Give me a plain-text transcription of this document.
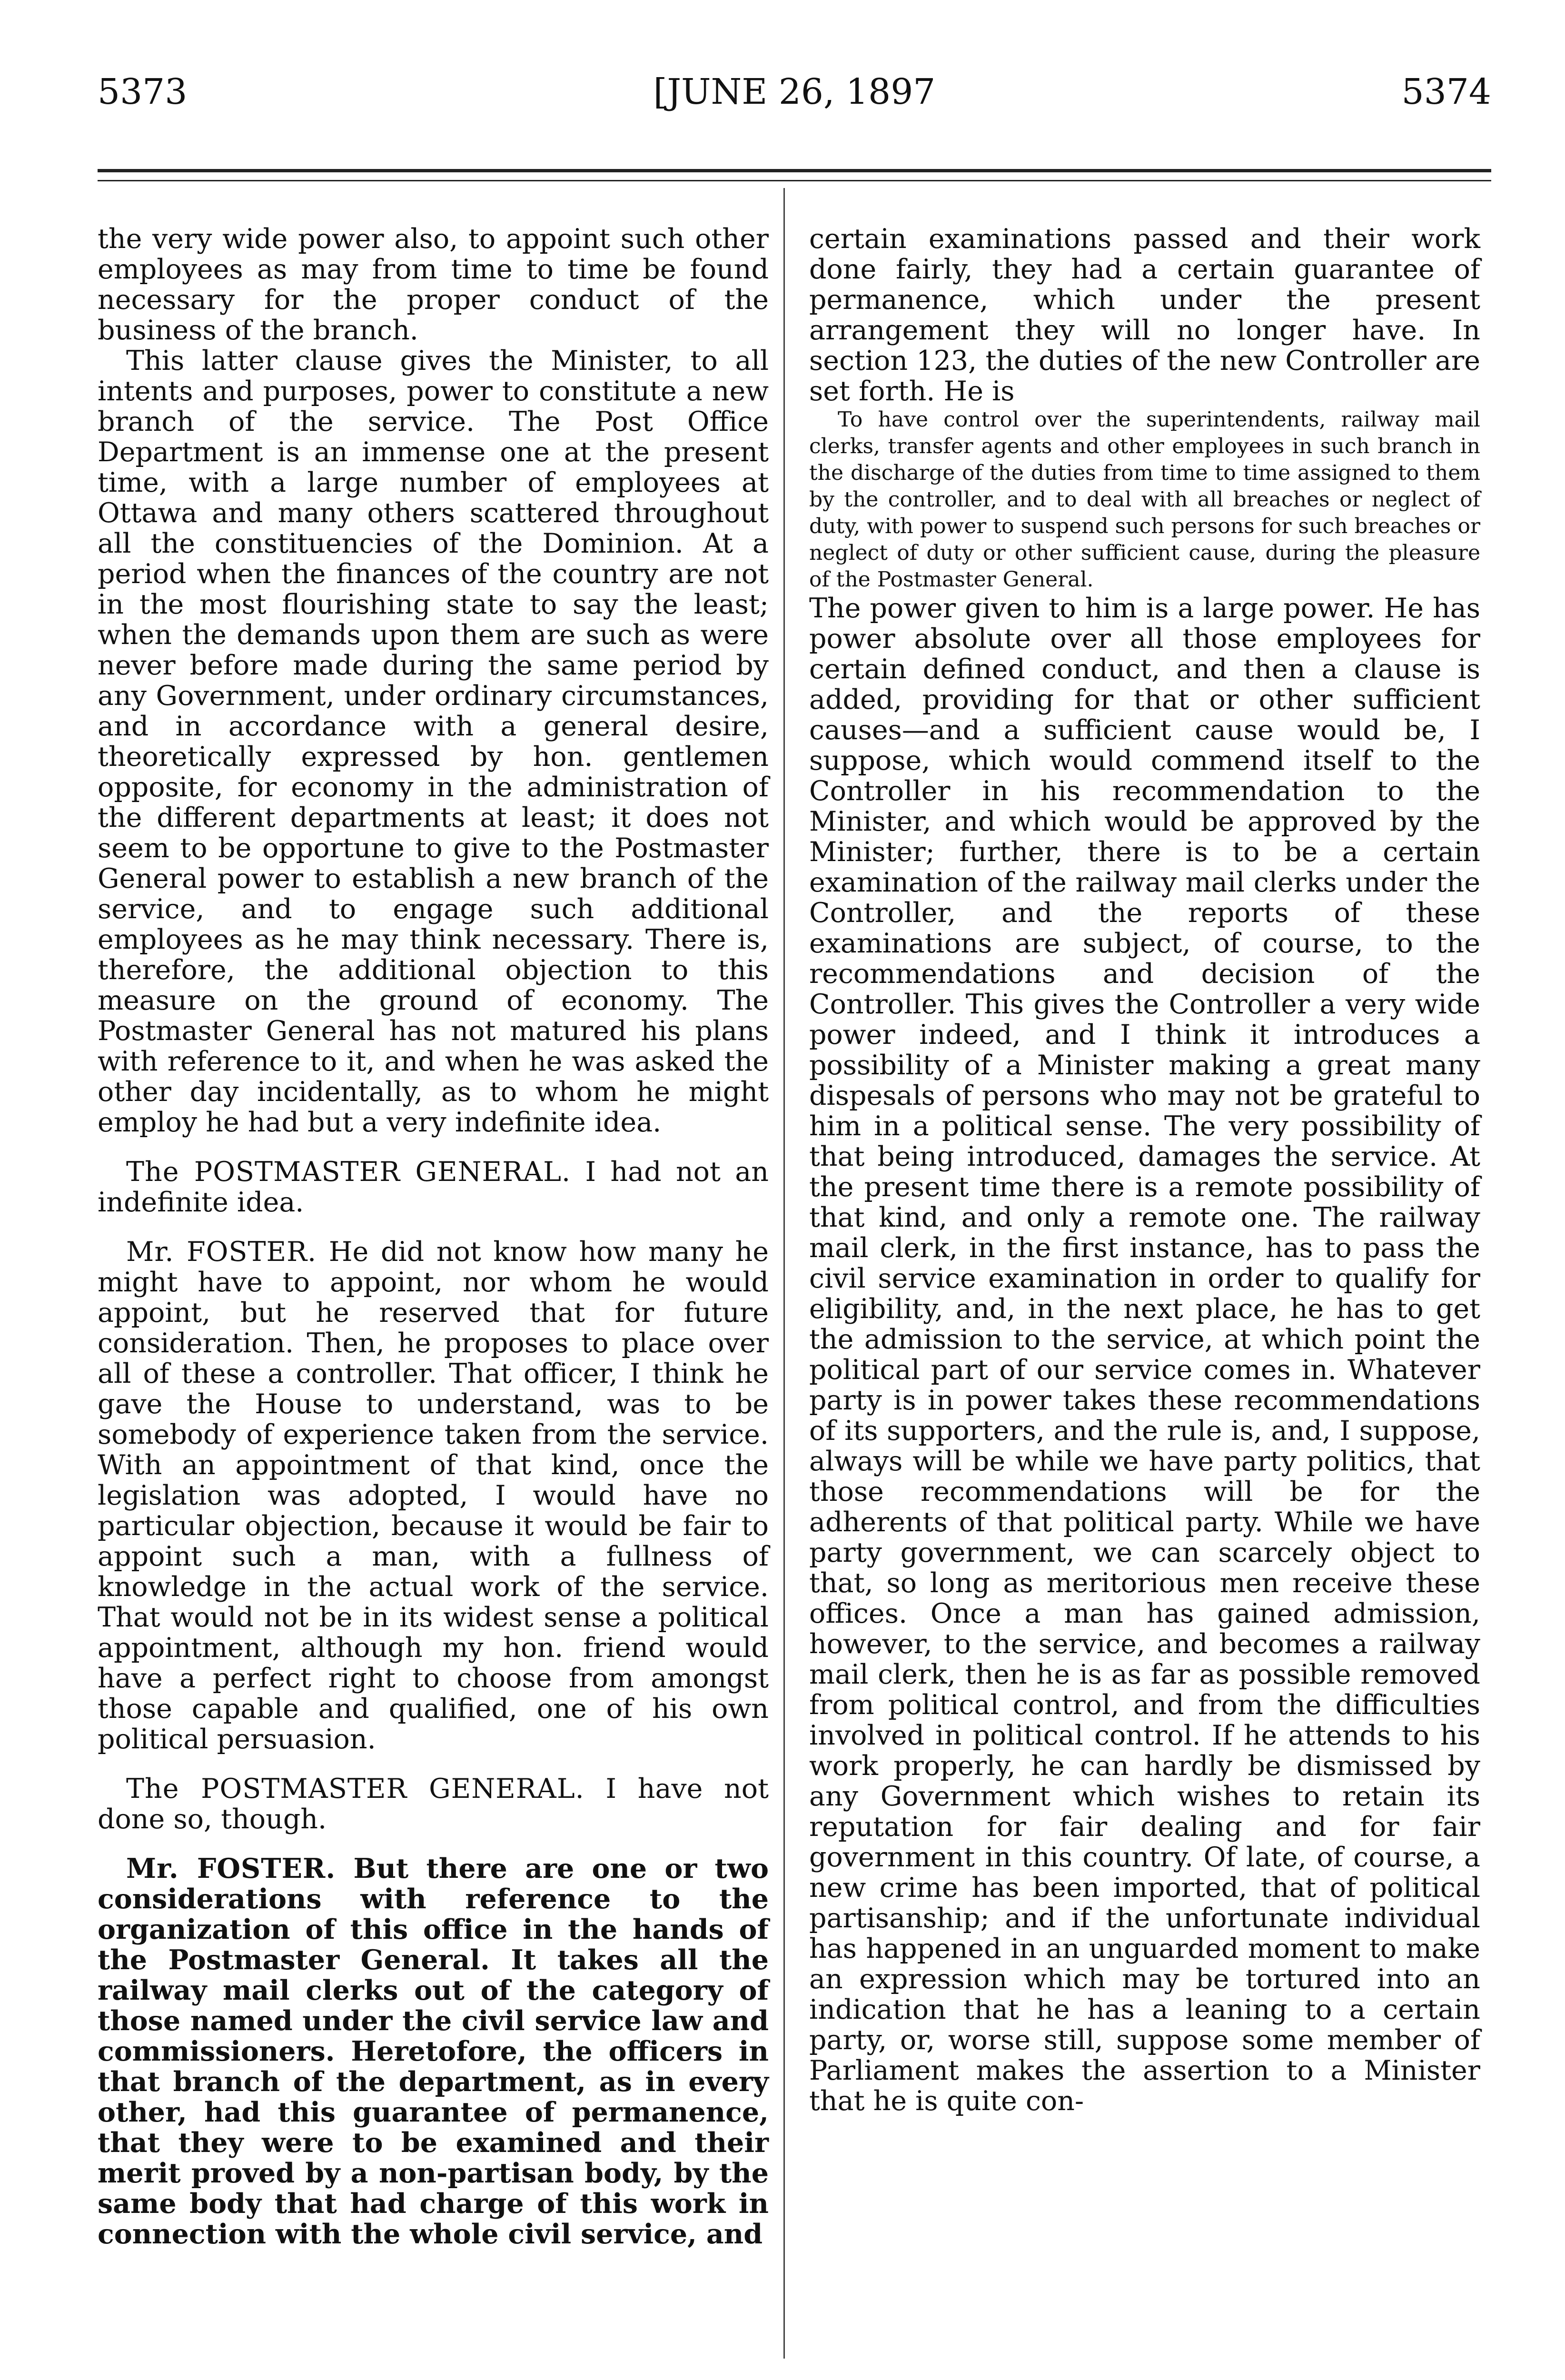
5373	[JUNE 26, 1897	5374

the very wide power also, to appoint such other employees as may from time to time be found necessary for the proper conduct of the business of the branch.

This latter clause gives the Minister, to all intents and purposes, power to constitute a new branch of the service. The Post Office Department is an immense one at the present time, with a large number of employees at Ottawa and many others scattered throughout all the constituencies of the Dominion. At a period when the finances of the country are not in the most flourishing state to say the least; when the demands upon them are such as were never before made during the same period by any Government, under ordinary circumstances, and in accordance with a general desire, theoretically expressed by hon. gentlemen opposite, for economy in the administration of the different departments at least; it does not seem to be opportune to give to the Postmaster General power to establish a new branch of the service, and to engage such additional employees as he may think necessary. There is, therefore, the additional objection to this measure on the ground of economy. The Postmaster General has not matured his plans with reference to it, and when he was asked the other day incidentally, as to whom he might employ he had but a very indefinite idea.

The POSTMASTER GENERAL. I had not an indefinite idea.

Mr. FOSTER. He did not know how many he might have to appoint, nor whom he would appoint, but he reserved that for future consideration. Then, he proposes to place over all of these a controller. That officer, I think he gave the House to understand, was to be somebody of experience taken from the service. With an appointment of that kind, once the legislation was adopted, I would have no particular objection, because it would be fair to appoint such a man, with a fullness of knowledge in the actual work of the service. That would not be in its widest sense a political appointment, although my hon. friend would have a perfect right to choose from amongst those capable and qualified, one of his own political persuasion.

The POSTMASTER GENERAL. I have not done so, though.

Mr. FOSTER. But there are one or two considerations with reference to the organization of this office in the hands of the Postmaster General. It takes all the railway mail clerks out of the category of those named under the civil service law and commissioners. Heretofore, the officers in that branch of the department, as in every other, had this guarantee of permanence, that they were to be examined and their merit proved by a non-partisan body, by the same body that had charge of this work in connection with the whole civil service, and

certain examinations passed and their work done fairly, they had a certain guarantee of permanence, which under the present arrangement they will no longer have. In section 123, the duties of the new Controller are set forth. He is

To have control over the superintendents, railway mail clerks, transfer agents and other employees in such branch in the discharge of the duties from time to time assigned to them by the controller, and to deal with all breaches or neglect of duty, with power to suspend such persons for such breaches or neglect of duty or other sufficient cause, during the pleasure of the Postmaster General.

The power given to him is a large power. He has power absolute over all those employees for certain defined conduct, and then a clause is added, providing for that or other sufficient causes—and a sufficient cause would be, I suppose, which would commend itself to the Controller in his recommendation to the Minister, and which would be approved by the Minister; further, there is to be a certain examination of the railway mail clerks under the Controller, and the reports of these examinations are subject, of course, to the recommendations and decision of the Controller. This gives the Controller a very wide power indeed, and I think it introduces a possibility of a Minister making a great many dispesals of persons who may not be grateful to him in a political sense. The very possibility of that being introduced, damages the service. At the present time there is a remote possibility of that kind, and only a remote one. The railway mail clerk, in the first instance, has to pass the civil service examination in order to qualify for eligibility, and, in the next place, he has to get the admission to the service, at which point the political part of our service comes in. Whatever party is in power takes these recommendations of its supporters, and the rule is, and, I suppose, always will be while we have party politics, that those recommendations will be for the adherents of that political party. While we have party government, we can scarcely object to that, so long as meritorious men receive these offices. Once a man has gained admission, however, to the service, and becomes a railway mail clerk, then he is as far as possible removed from political control, and from the difficulties involved in political control. If he attends to his work properly, he can hardly be dismissed by any Government which wishes to retain its reputation for fair dealing and for fair government in this country. Of late, of course, a new crime has been imported, that of political partisanship; and if the unfortunate individual has happened in an unguarded moment to make an expression which may be tortured into an indication that he has a leaning to a certain party, or, worse still, suppose some member of Parliament makes the assertion to a Minister that he is quite con-
